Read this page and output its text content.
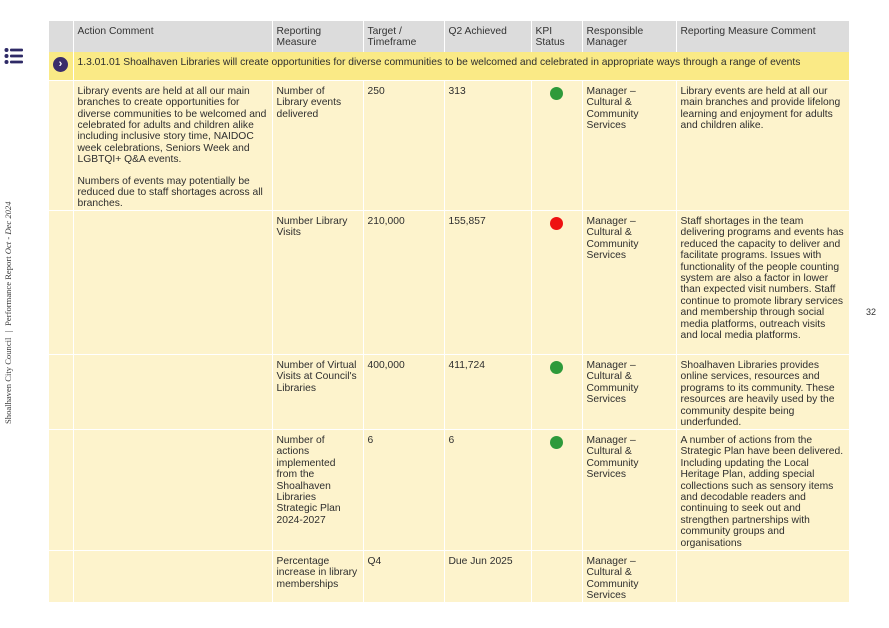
Shoalhaven City Council|Performance Report Oct - Dec 2024
32
	Action Comment	Reporting Measure	Target / Timeframe	Q2 Achieved	KPI Status	Responsible Manager	Reporting Measure Comment
›	1.3.01.01 Shoalhaven Libraries will create opportunities for diverse communities to be welcomed and celebrated in appropriate ways through a range of events						

	Library events are held at all our main branches to create opportunities for diverse communities to be welcomed and celebrated for adults and children alike including inclusive story time, NAIDOC week celebrations, Seniors Week and LGBTQI+ Q&A events.
Numbers of events may potentially be reduced due to staff shortages across all branches.	Number of Library events delivered	250	313		Manager – Cultural & Community Services	Library events are held at all our main branches and provide lifelong learning and enjoyment for adults and children alike.
		Number Library Visits	210,000	155,857		Manager – Cultural & Community Services	Staff shortages in the team delivering programs and events has reduced the capacity to deliver and facilitate programs. Issues with functionality of the people counting system are also a factor in lower than expected visit numbers. Staff continue to promote library services and membership through social media platforms, outreach visits and local media platforms.
		Number of Virtual Visits at Council's Libraries	400,000	411,724		Manager – Cultural & Community Services	Shoalhaven Libraries provides online services, resources and programs to its community. These resources are heavily used by the community despite being underfunded.
		Number of actions implemented from the Shoalhaven Libraries Strategic Plan 2024-2027	6	6		Manager – Cultural & Community Services	A number of actions from the Strategic Plan have been delivered. Including updating the Local Heritage Plan, adding special collections such as sensory items and decodable readers and continuing to seek out and strengthen partnerships with community groups and organisations
		Percentage increase in library memberships	Q4	Due Jun 2025		Manager – Cultural & Community Services	
